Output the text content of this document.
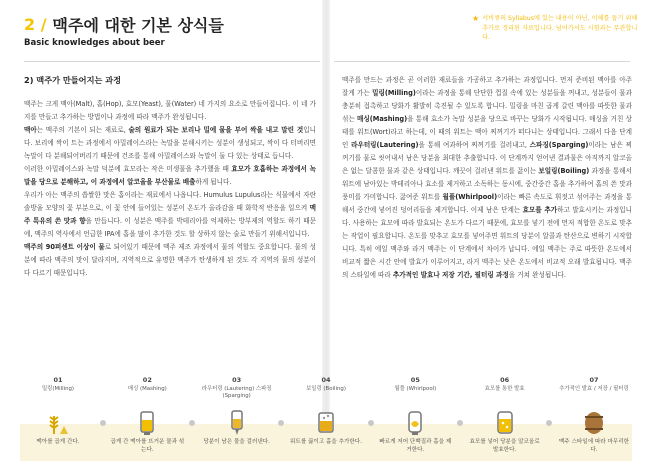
2 / 맥주에 대한 기본 상식들
Basic knowledges about beer
★ 서비큐의 Syllabus에 있는 내용이 아닌, 이해를 돕기 위해 추가로 정리된 자료입니다. 넘어가셔도 시험과는 무관합니다.
2) 맥주가 만들어지는 과정

맥주는 크게 맥아(Malt), 홉(Hop), 효모(Yeast), 물(Water) 네 가지의 요소로 만들어집니다. 이 네 가지를 만들고 추가하는 방법이나 과정에 따라 맥주가 완성됩니다.

맥아는 맥주의 기본이 되는 재료로, 술의 원료가 되는 보리나 밀에 물을 부어 싹을 내고 말린 것입니다. 보리에 싹이 트는 과정에서 아밀레이스라는 녹말을 분해시키는 성분이 생성되고, 싹이 다 터버리면 녹말이 다 분해되어버리기 때문에 건조를 통해 아밀레이스와 녹말이 둘 다 있는 상태로 듭니다.

이러한 아밀레이스와 녹말 덕분에 효모라는 작은 미생물을 추가했을 때 효모가 호흡하는 과정에서 녹말을 당으로 분해하고, 이 과정에서 알코올을 부산물로 배출하게 됩니다.

우리가 아는 맥주의 씁쌀한 맛은 홉이라는 재료에서 나옵니다. Humulus Lupulus라는 식물에서 자란 솔방울 모양의 꽃 부분으로, 이 꽃 안에 들어있는 성분이 온도가 올라감을 때 화학적 반응을 일으켜 맥주 특유의 쓴 맛과 향을 만듭니다. 이 성분은 맥주를 박테리아를 억제하는 방부제의 역할도 하기 때문에, 맥주의 역사에서 언급한 IPA에 홉을 많이 추가한 것도 할 상하지 않는 술로 만들기 위해서입니다.

맥주의 90퍼센트 이상이 물로 되어있기 때문에 맥주 제조 과정에서 물의 역할도 중요합니다. 물의 성분에 따라 맥주의 맛이 달라지며, 지역적으로 유명한 맥주가 탄생하게 된 것도 각 지역의 물의 성분이 다 다르기 때문입니다.

맥주를 만드는 과정은 곧 이러한 재료들을 가공하고 추가하는 과정입니다. 먼저 준비된 맥아를 아주 잘게 가는 밀링(Milling)이라는 과정을 통해 단단한 껍질 속에 있는 성분들을 꺼내고, 성분들이 물과 충분히 접촉하고 당화가 활발히 촉진될 수 있도록 합니다. 밀링을 마친 곱게 갈린 맥아를 따뜻한 물과 섞는 매싱(Mashing)을 통해 효소가 녹말 성분을 당으로 바꾸는 당화가 시작됩니다. 매싱을 거친 상태를 워트(Wort)라고 하는데, 이 때의 워트는 맥아 찌꺼기가 떠다니는 상태입니다. 그래서 다음 단계인 라우터링(Lautering)을 통해 여과하여 찌꺼기를 걸러내고, 스파징(Sparging)이라는 남은 찌꺼기를 물로 씻어내서 남은 당분을 최대한 추출합니다. 이 단계까지 얻어낸 결과물은 아직까지 알코올은 없는 달콤한 물과 같은 상태입니다. 깨끗이 걸러낸 워트를 끓이는 보일링(Boiling) 과정을 통해서 워트에 남아있는 박테리아나 효소를 제거하고 소독하는 동시에, 중간중간 홉을 추가하여 홉의 쓴 맛과 풍미를 가미합니다. 끓여준 워트를 월풀(Whirlpool)이라는 빠른 속도로 휘젓고 섞어주는 과정을 통해서 중간에 넣어진 덩어리들을 제거합니다. 이제 남은 단계는 효모를 추가하고 발효시키는 과정입니다. 사용하는 효모에 따라 발효되는 온도가 다르기 때문에, 효모를 넣기 전에 먼저 적합한 온도로 맞추는 작업이 필요합니다. 온도를 맞추고 효모를 넣어주면 워트의 당분이 알콜과 탄산으로 변하기 시작합니다. 특히 에일 맥주와 라거 맥주는 이 단계에서 차이가 납니다. 에일 맥주는 주로 따뜻한 온도에서 비교적 짧은 시간 안에 발효가 이루어지고, 라거 맥주는 낮은 온도에서 비교적 오래 발효됩니다. 맥주의 스타일에 따라 추가적인 발효나 저장 기간, 필터링 과정을 거쳐 완성됩니다.

01
밀링(Milling)
맥아를 곱게 간다.
02
매싱 (Mashing)
곱게 간 맥아를 뜨거운 물과 섞는다.
03
라우터링 (Lautering) 스파징 (Sparging)
당분이 남은 물을 걸러낸다.
04
보일링 (Boiling)
워트를 끓이고 홉을 추가한다.
05
월풀 (Whirlpool)
빠르게 저어 단백질과 홉을 제거한다.
06
효모를 통한 발효
효모를 넣어 당분을 알코올로 발효한다.
07
추가적인 발효 / 저장 / 필터링
맥주 스타일에 따라 마무리한다.
